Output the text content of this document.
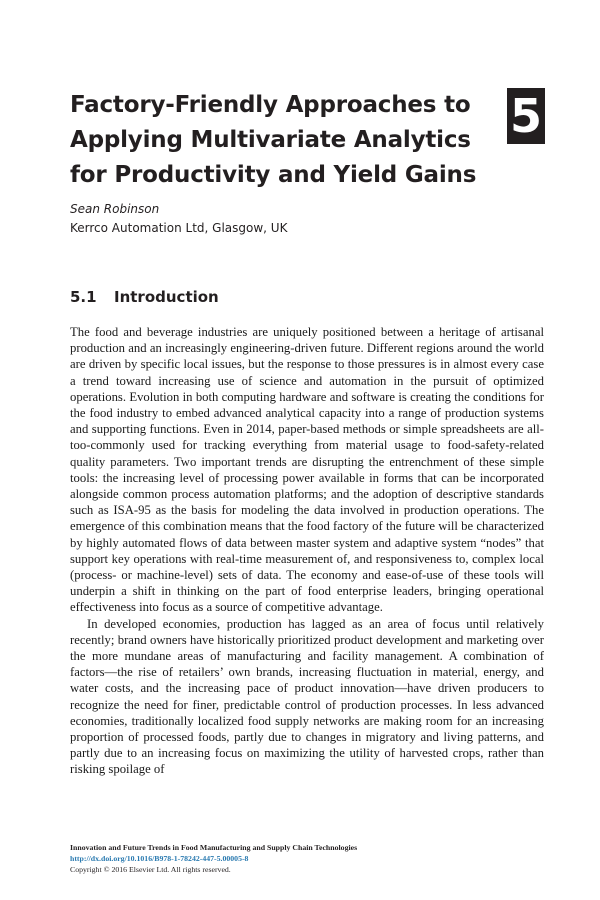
Factory-Friendly Approaches to Applying Multivariate Analytics for Productivity and Yield Gains
5
Sean Robinson
Kerrco Automation Ltd, Glasgow, UK
5.1 Introduction

The food and beverage industries are uniquely positioned between a heritage of artisanal production and an increasingly engineering-driven future. Different regions around the world are driven by specific local issues, but the response to those pressures is in almost every case a trend toward increasing use of science and automation in the pursuit of optimized operations. Evolution in both computing hardware and software is creating the conditions for the food industry to embed advanced analytical capacity into a range of production systems and supporting functions. Even in 2014, paper-based methods or simple spreadsheets are all-too-commonly used for tracking everything from material usage to food-safety-related quality parameters. Two important trends are disrupting the entrenchment of these simple tools: the increasing level of processing power available in forms that can be incorporated alongside common process automation platforms; and the adoption of descriptive standards such as ISA-95 as the basis for modeling the data involved in production operations. The emergence of this combination means that the food factory of the future will be characterized by highly automated flows of data between master system and adaptive system “nodes” that support key operations with real-time measurement of, and responsiveness to, complex local (process- or machine-level) sets of data. The economy and ease-of-use of these tools will underpin a shift in thinking on the part of food enterprise leaders, bringing operational effectiveness into focus as a source of competitive advantage.

In developed economies, production has lagged as an area of focus until relatively recently; brand owners have historically prioritized product development and marketing over the more mundane areas of manufacturing and facility management. A combination of factors—the rise of retailers’ own brands, increasing fluctuation in material, energy, and water costs, and the increasing pace of product innovation—have driven producers to recognize the need for finer, predictable control of production processes. In less advanced economies, traditionally localized food supply networks are making room for an increasing proportion of processed foods, partly due to changes in migratory and living patterns, and partly due to an increasing focus on maximizing the utility of harvested crops, rather than risking spoilage of

Innovation and Future Trends in Food Manufacturing and Supply Chain Technologies
http://dx.doi.org/10.1016/B978-1-78242-447-5.00005-8
Copyright © 2016 Elsevier Ltd. All rights reserved.
